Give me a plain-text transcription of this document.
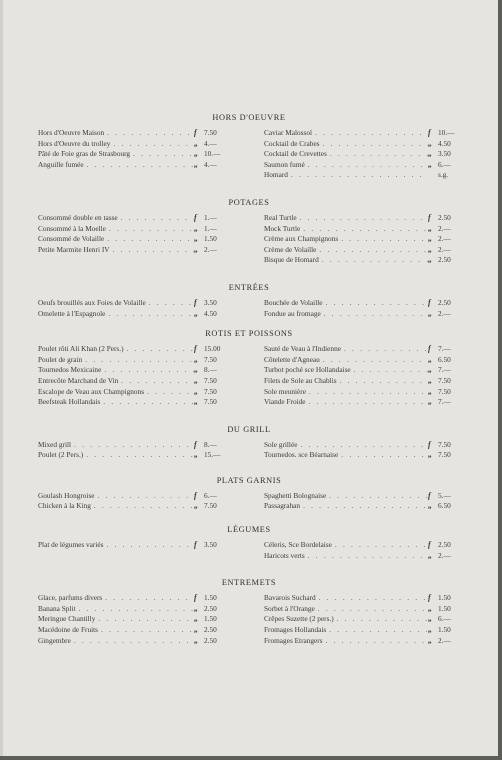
HORS D'OEUVRE
Hors d'Oeuvre Maison . . .	f	7.50
Hors d'Oeuvre du trolley . . .	„ 4.—
Pâté de Foie gras de Strasbourg . . .	„ 10.—
Anguille fumée . . .	„ 4.—
Caviar Malossol . . .	f	10.—
Cocktail de Crabes . . .	„ 4.50
Cocktail de Crevettes . . .	„ 3.50
Saumon fumé . . .	„ 6.—
Homard . . .	s.g.
POTAGES
Consommé double en tasse . . .	f	1.—
Consommé à la Moelle . . .	„ 1.—
Consommé de Volaille . . .	„ 1.50
Petite Marmite Henri IV . . .	„ 2.—
Real Turtle . . .	f	2.50
Mock Turtle . . .	„ 2.—
Crème aux Champignons . . .	„ 2.—
Crème de Volaille . . .	„ 2.—
Bisque de Homard . . .	„ 2.50
ENTRÉES
Oeufs brouillés aux Foies de Volaille . . .	f	3.50
Omelette à l'Espagnole . . .	„ 4.50
Bouchée de Volaille . . .	f	2.50
Fondue au fromage . . .	„ 2.—
ROTIS ET POISSONS
Poulet rôti Ali Khan (2 Pers.) . . .	f	15.00
Poulet de grain . . .	„ 7.50
Tournedos Mexicaine . . .	„ 8.—
Entrecôte Marchand de Vin . . .	„ 7.50
Escalope de Veau aux Champignons . . .	„ 7.50
Beefsteak Hollandais . . .	„ 7.50
Sauté de Veau à l'Indienne . . .	f	7.—
Côtelette d'Agneau . . .	„ 6.50
Turbot poché sce Hollandaise . . .	„ 7.—
Filets de Sole au Chablis . . .	„ 7.50
Sole meunière . . .	„ 7.50
Viande Froide . . .	„ 7.—
DU GRILL
Mixed grill . . .	f	8.—
Poulet (2 Pers.) . . .	„ 15.—
Sole grillée . . .	f	7.50
Tournedos. sce Béarnaise . . .	„ 7.50
PLATS GARNIS
Goulash Hongroise . . .	f	6.—
Chicken à la King . . .	„ 7.50
Spaghetti Bolognaise . . .	f	5.—
Passagrahan . . .	„ 6.50
LÉGUMES
Plat de légumes variés . . .	f	3.50	Céleris, Sce Bordelaise . . .	f	2.50
Haricots verts . . .	„ 2.—
ENTREMETS
Glace, parfums divers . . .	f	1.50
Banana Split . . .	„ 2.50
Meringue Chantilly . . .	„ 1.50
Macédoine de Fruits . . .	„ 2.50
Gingembre . . .	„ 2.50
Bavarois Suchard . . .	f	1.50
Sorbet à l'Orange . . .	„ 1.50
Crêpes Suzette (2 pers.) . . .	„ 6.—
Fromages Hollandais . . .	„ 1.50
Fromages Etrangers . . .	„ 2.—
